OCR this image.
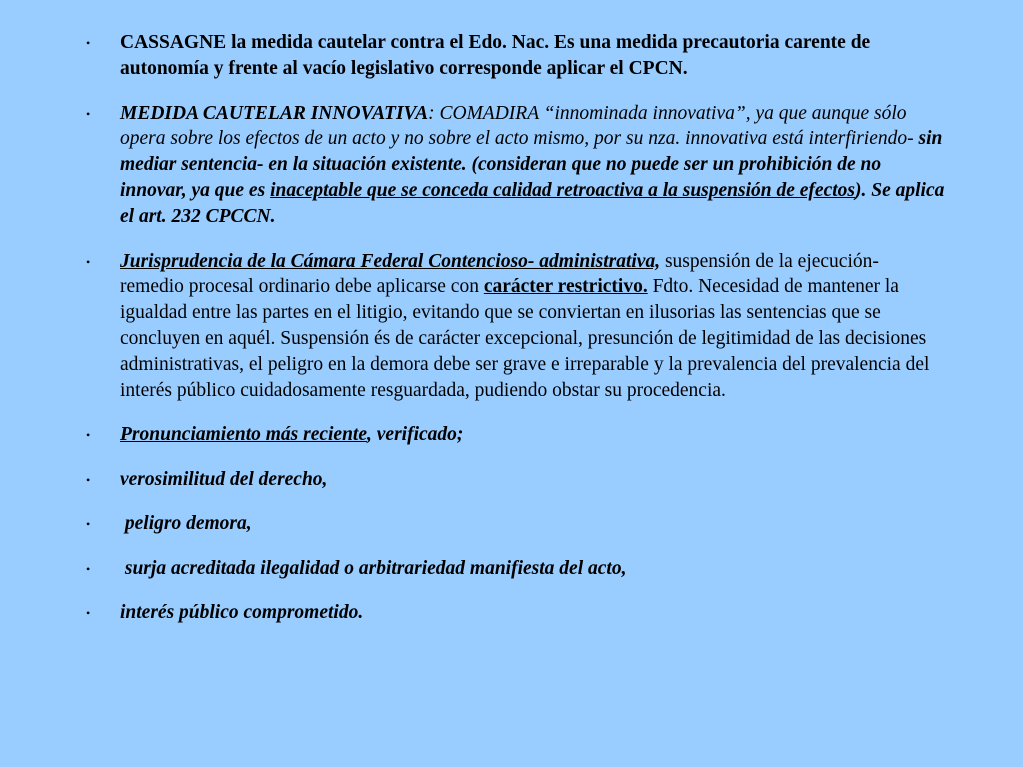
• CASSAGNE la medida cautelar contra el Edo. Nac. Es una medida precautoria carente de autonomía y frente al vacío legislativo corresponde aplicar el CPCN.
• MEDIDA CAUTELAR INNOVATIVA: COMADIRA “innominada innovativa”, ya que aunque sólo opera sobre los efectos de un acto y no sobre el acto mismo, por su nza. innovativa está interfiriendo- sin mediar sentencia- en la situación existente. (consideran que no puede ser un prohibición de no innovar, ya que es inaceptable que se conceda calidad retroactiva a la suspensión de efectos). Se aplica el art. 232 CPCCN.
• Jurisprudencia de la Cámara Federal Contencioso- administrativa, suspensión de la ejecución- remedio procesal ordinario debe aplicarse con carácter restrictivo. Fdto. Necesidad de mantener la igualdad entre las partes en el litigio, evitando que se conviertan en ilusorias las sentencias que se concluyen en aquél. Suspensión és de carácter excepcional, presunción de legitimidad de las decisiones administrativas, el peligro en la demora debe ser grave e irreparable y la prevalencia del prevalencia del interés público cuidadosamente resguardada, pudiendo obstar su procedencia.
• Pronunciamiento más reciente, verificado;
• verosimilitud del derecho,
• peligro demora,
• surja acreditada ilegalidad o arbitrariedad manifiesta del acto,
• interés público comprometido.
